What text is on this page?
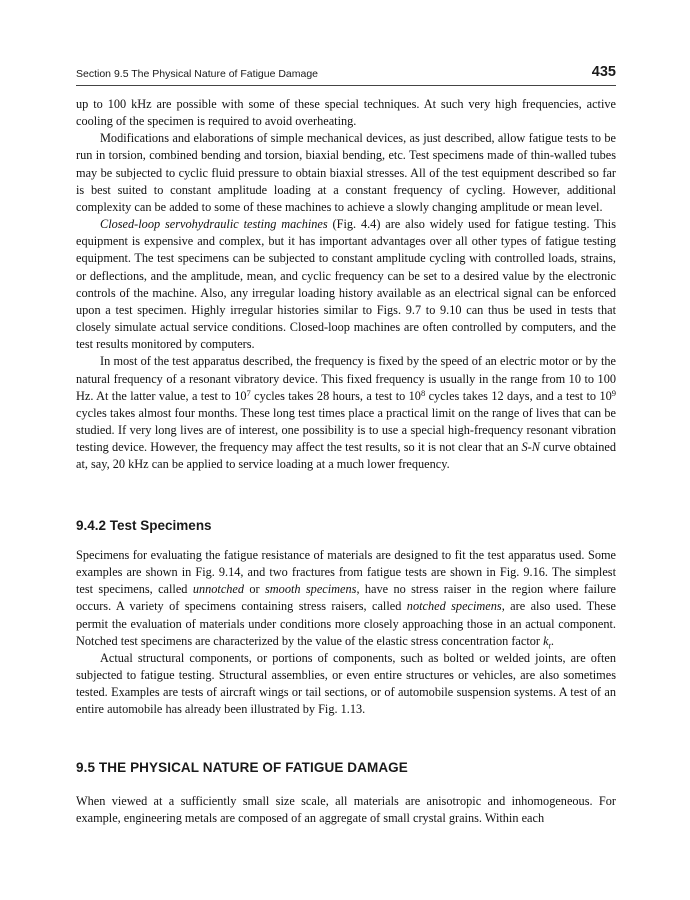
Section 9.5 The Physical Nature of Fatigue Damage	435

up to 100 kHz are possible with some of these special techniques. At such very high frequencies, active cooling of the specimen is required to avoid overheating.

Modifications and elaborations of simple mechanical devices, as just described, allow fatigue tests to be run in torsion, combined bending and torsion, biaxial bending, etc. Test specimens made of thin-walled tubes may be subjected to cyclic fluid pressure to obtain biaxial stresses. All of the test equipment described so far is best suited to constant amplitude loading at a constant frequency of cycling. However, additional complexity can be added to some of these machines to achieve a slowly changing amplitude or mean level.

Closed-loop servohydraulic testing machines (Fig. 4.4) are also widely used for fatigue testing. This equipment is expensive and complex, but it has important advantages over all other types of fatigue testing equipment. The test specimens can be subjected to constant amplitude cycling with controlled loads, strains, or deflections, and the amplitude, mean, and cyclic frequency can be set to a desired value by the electronic controls of the machine. Also, any irregular loading history available as an electrical signal can be enforced upon a test specimen. Highly irregular histories similar to Figs. 9.7 to 9.10 can thus be used in tests that closely simulate actual service conditions. Closed-loop machines are often controlled by computers, and the test results monitored by computers.

In most of the test apparatus described, the frequency is fixed by the speed of an electric motor or by the natural frequency of a resonant vibratory device. This fixed frequency is usually in the range from 10 to 100 Hz. At the latter value, a test to $10^7$ cycles takes 28 hours, a test to $10^8$ cycles takes 12 days, and a test to $10^9$ cycles takes almost four months. These long test times place a practical limit on the range of lives that can be studied. If very long lives are of interest, one possibility is to use a special high-frequency resonant vibration testing device. However, the frequency may affect the test results, so it is not clear that an S-N curve obtained at, say, 20 kHz can be applied to service loading at a much lower frequency.

9.4.2 Test Specimens

Specimens for evaluating the fatigue resistance of materials are designed to fit the test apparatus used. Some examples are shown in Fig. 9.14, and two fractures from fatigue tests are shown in Fig. 9.16. The simplest test specimens, called unnotched or smooth specimens, have no stress raiser in the region where failure occurs. A variety of specimens containing stress raisers, called notched specimens, are also used. These permit the evaluation of materials under conditions more closely approaching those in an actual component. Notched test specimens are characterized by the value of the elastic stress concentration factor $k_t$.

Actual structural components, or portions of components, such as bolted or welded joints, are often subjected to fatigue testing. Structural assemblies, or even entire structures or vehicles, are also sometimes tested. Examples are tests of aircraft wings or tail sections, or of automobile suspension systems. A test of an entire automobile has already been illustrated by Fig. 1.13.

9.5 THE PHYSICAL NATURE OF FATIGUE DAMAGE

When viewed at a sufficiently small size scale, all materials are anisotropic and inhomogeneous. For example, engineering metals are composed of an aggregate of small crystal grains. Within each
